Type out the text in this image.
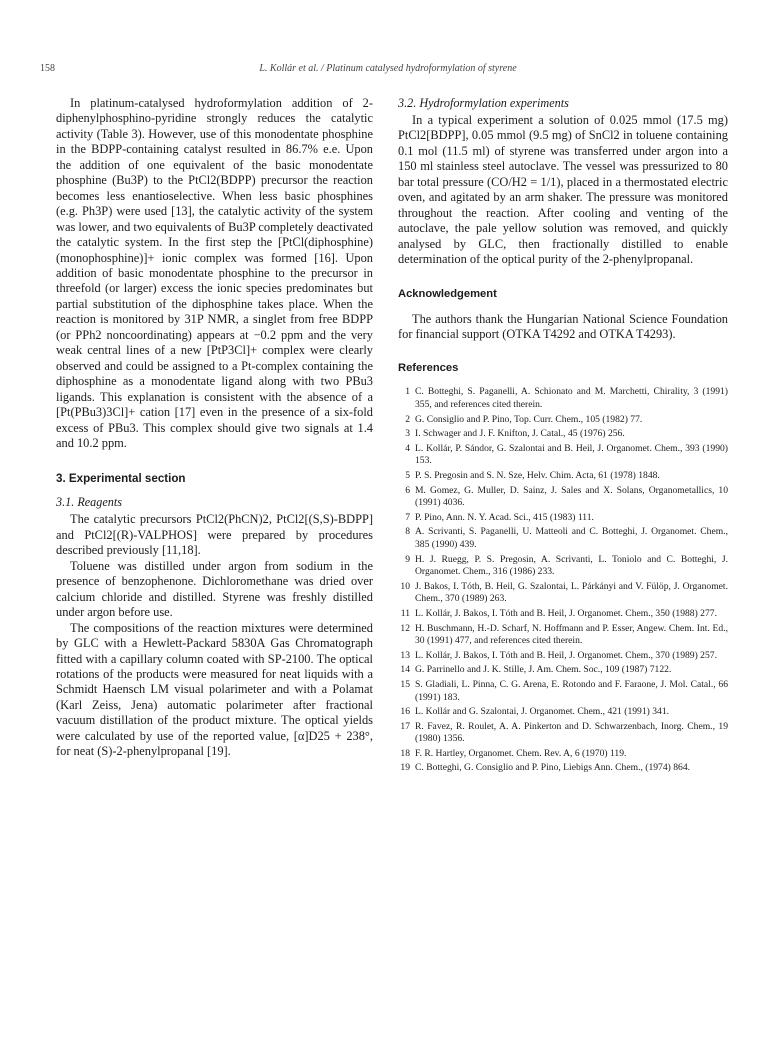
158	L. Kollár et al. / Platinum catalysed hydroformylation of styrene

In platinum-catalysed hydroformylation addition of 2-diphenylphosphino-pyridine strongly reduces the catalytic activity (Table 3). However, use of this monodentate phosphine in the BDPP-containing catalyst resulted in 86.7% e.e. Upon the addition of one equivalent of the basic monodentate phosphine (Bu3P) to the PtCl2(BDPP) precursor the reaction becomes less enantioselective. When less basic phosphines (e.g. Ph3P) were used [13], the catalytic activity of the system was lower, and two equivalents of Bu3P completely deactivated the catalytic system. In the first step the [PtCl(diphosphine)(monophosphine)]+ ionic complex was formed [16]. Upon addition of basic monodentate phosphine to the precursor in threefold (or larger) excess the ionic species predominates but partial substitution of the diphosphine takes place. When the reaction is monitored by 31P NMR, a singlet from free BDPP (or PPh2 noncoordinating) appears at −0.2 ppm and the very weak central lines of a new [PtP3Cl]+ complex were clearly observed and could be assigned to a Pt-complex containing the diphosphine as a monodentate ligand along with two PBu3 ligands. This explanation is consistent with the absence of a [Pt(PBu3)3Cl]+ cation [17] even in the presence of a six-fold excess of PBu3. This complex should give two signals at 1.4 and 10.2 ppm.

3. Experimental section
3.1. Reagents

The catalytic precursors PtCl2(PhCN)2, PtCl2[(S,S)-BDPP] and PtCl2[(R)-VALPHOS] were prepared by procedures described previously [11,18].

Toluene was distilled under argon from sodium in the presence of benzophenone. Dichloromethane was dried over calcium chloride and distilled. Styrene was freshly distilled under argon before use.

The compositions of the reaction mixtures were determined by GLC with a Hewlett-Packard 5830A Gas Chromatograph fitted with a capillary column coated with SP-2100. The optical rotations of the products were measured for neat liquids with a Schmidt Haensch LM visual polarimeter and with a Polamat (Karl Zeiss, Jena) automatic polarimeter after fractional vacuum distillation of the product mixture. The optical yields were calculated by use of the reported value, [α]D25 + 238°, for neat (S)-2-phenylpropanal [19].

3.2. Hydroformylation experiments

In a typical experiment a solution of 0.025 mmol (17.5 mg) PtCl2[BDPP], 0.05 mmol (9.5 mg) of SnCl2 in toluene containing 0.1 mol (11.5 ml) of styrene was transferred under argon into a 150 ml stainless steel autoclave. The vessel was pressurized to 80 bar total pressure (CO/H2 = 1/1), placed in a thermostated electric oven, and agitated by an arm shaker. The pressure was monitored throughout the reaction. After cooling and venting of the autoclave, the pale yellow solution was removed, and quickly analysed by GLC, then fractionally distilled to enable determination of the optical purity of the 2-phenylpropanal.

Acknowledgement

The authors thank the Hungarian National Science Foundation for financial support (OTKA T4292 and OTKA T4293).

References
1 C. Botteghi, S. Paganelli, A. Schionato and M. Marchetti, Chirality, 3 (1991) 355, and references cited therein.
2 G. Consiglio and P. Pino, Top. Curr. Chem., 105 (1982) 77.
3 I. Schwager and J. F. Knifton, J. Catal., 45 (1976) 256.
4 L. Kollár, P. Sándor, G. Szalontai and B. Heil, J. Organomet. Chem., 393 (1990) 153.
5 P. S. Pregosin and S. N. Sze, Helv. Chim. Acta, 61 (1978) 1848.
6 M. Gomez, G. Muller, D. Sainz, J. Sales and X. Solans, Organometallics, 10 (1991) 4036.
7 P. Pino, Ann. N. Y. Acad. Sci., 415 (1983) 111.
8 A. Scrivanti, S. Paganelli, U. Matteoli and C. Botteghi, J. Organomet. Chem., 385 (1990) 439.
9 H. J. Ruegg, P. S. Pregosin, A. Scrivanti, L. Toniolo and C. Botteghi, J. Organomet. Chem., 316 (1986) 233.
10 J. Bakos, I. Tóth, B. Heil, G. Szalontai, L. Párkányi and V. Fülöp, J. Organomet. Chem., 370 (1989) 263.
11 L. Kollár, J. Bakos, I. Tóth and B. Heil, J. Organomet. Chem., 350 (1988) 277.
12 H. Buschmann, H.-D. Scharf, N. Hoffmann and P. Esser, Angew. Chem. Int. Ed., 30 (1991) 477, and references cited therein.
13 L. Kollár, J. Bakos, I. Tóth and B. Heil, J. Organomet. Chem., 370 (1989) 257.
14 G. Parrinello and J. K. Stille, J. Am. Chem. Soc., 109 (1987) 7122.
15 S. Gladiali, L. Pinna, C. G. Arena, E. Rotondo and F. Faraone, J. Mol. Catal., 66 (1991) 183.
16 L. Kollár and G. Szalontai, J. Organomet. Chem., 421 (1991) 341.
17 R. Favez, R. Roulet, A. A. Pinkerton and D. Schwarzenbach, Inorg. Chem., 19 (1980) 1356.
18 F. R. Hartley, Organomet. Chem. Rev. A, 6 (1970) 119.
19 C. Botteghi, G. Consiglio and P. Pino, Liebigs Ann. Chem., (1974) 864.
